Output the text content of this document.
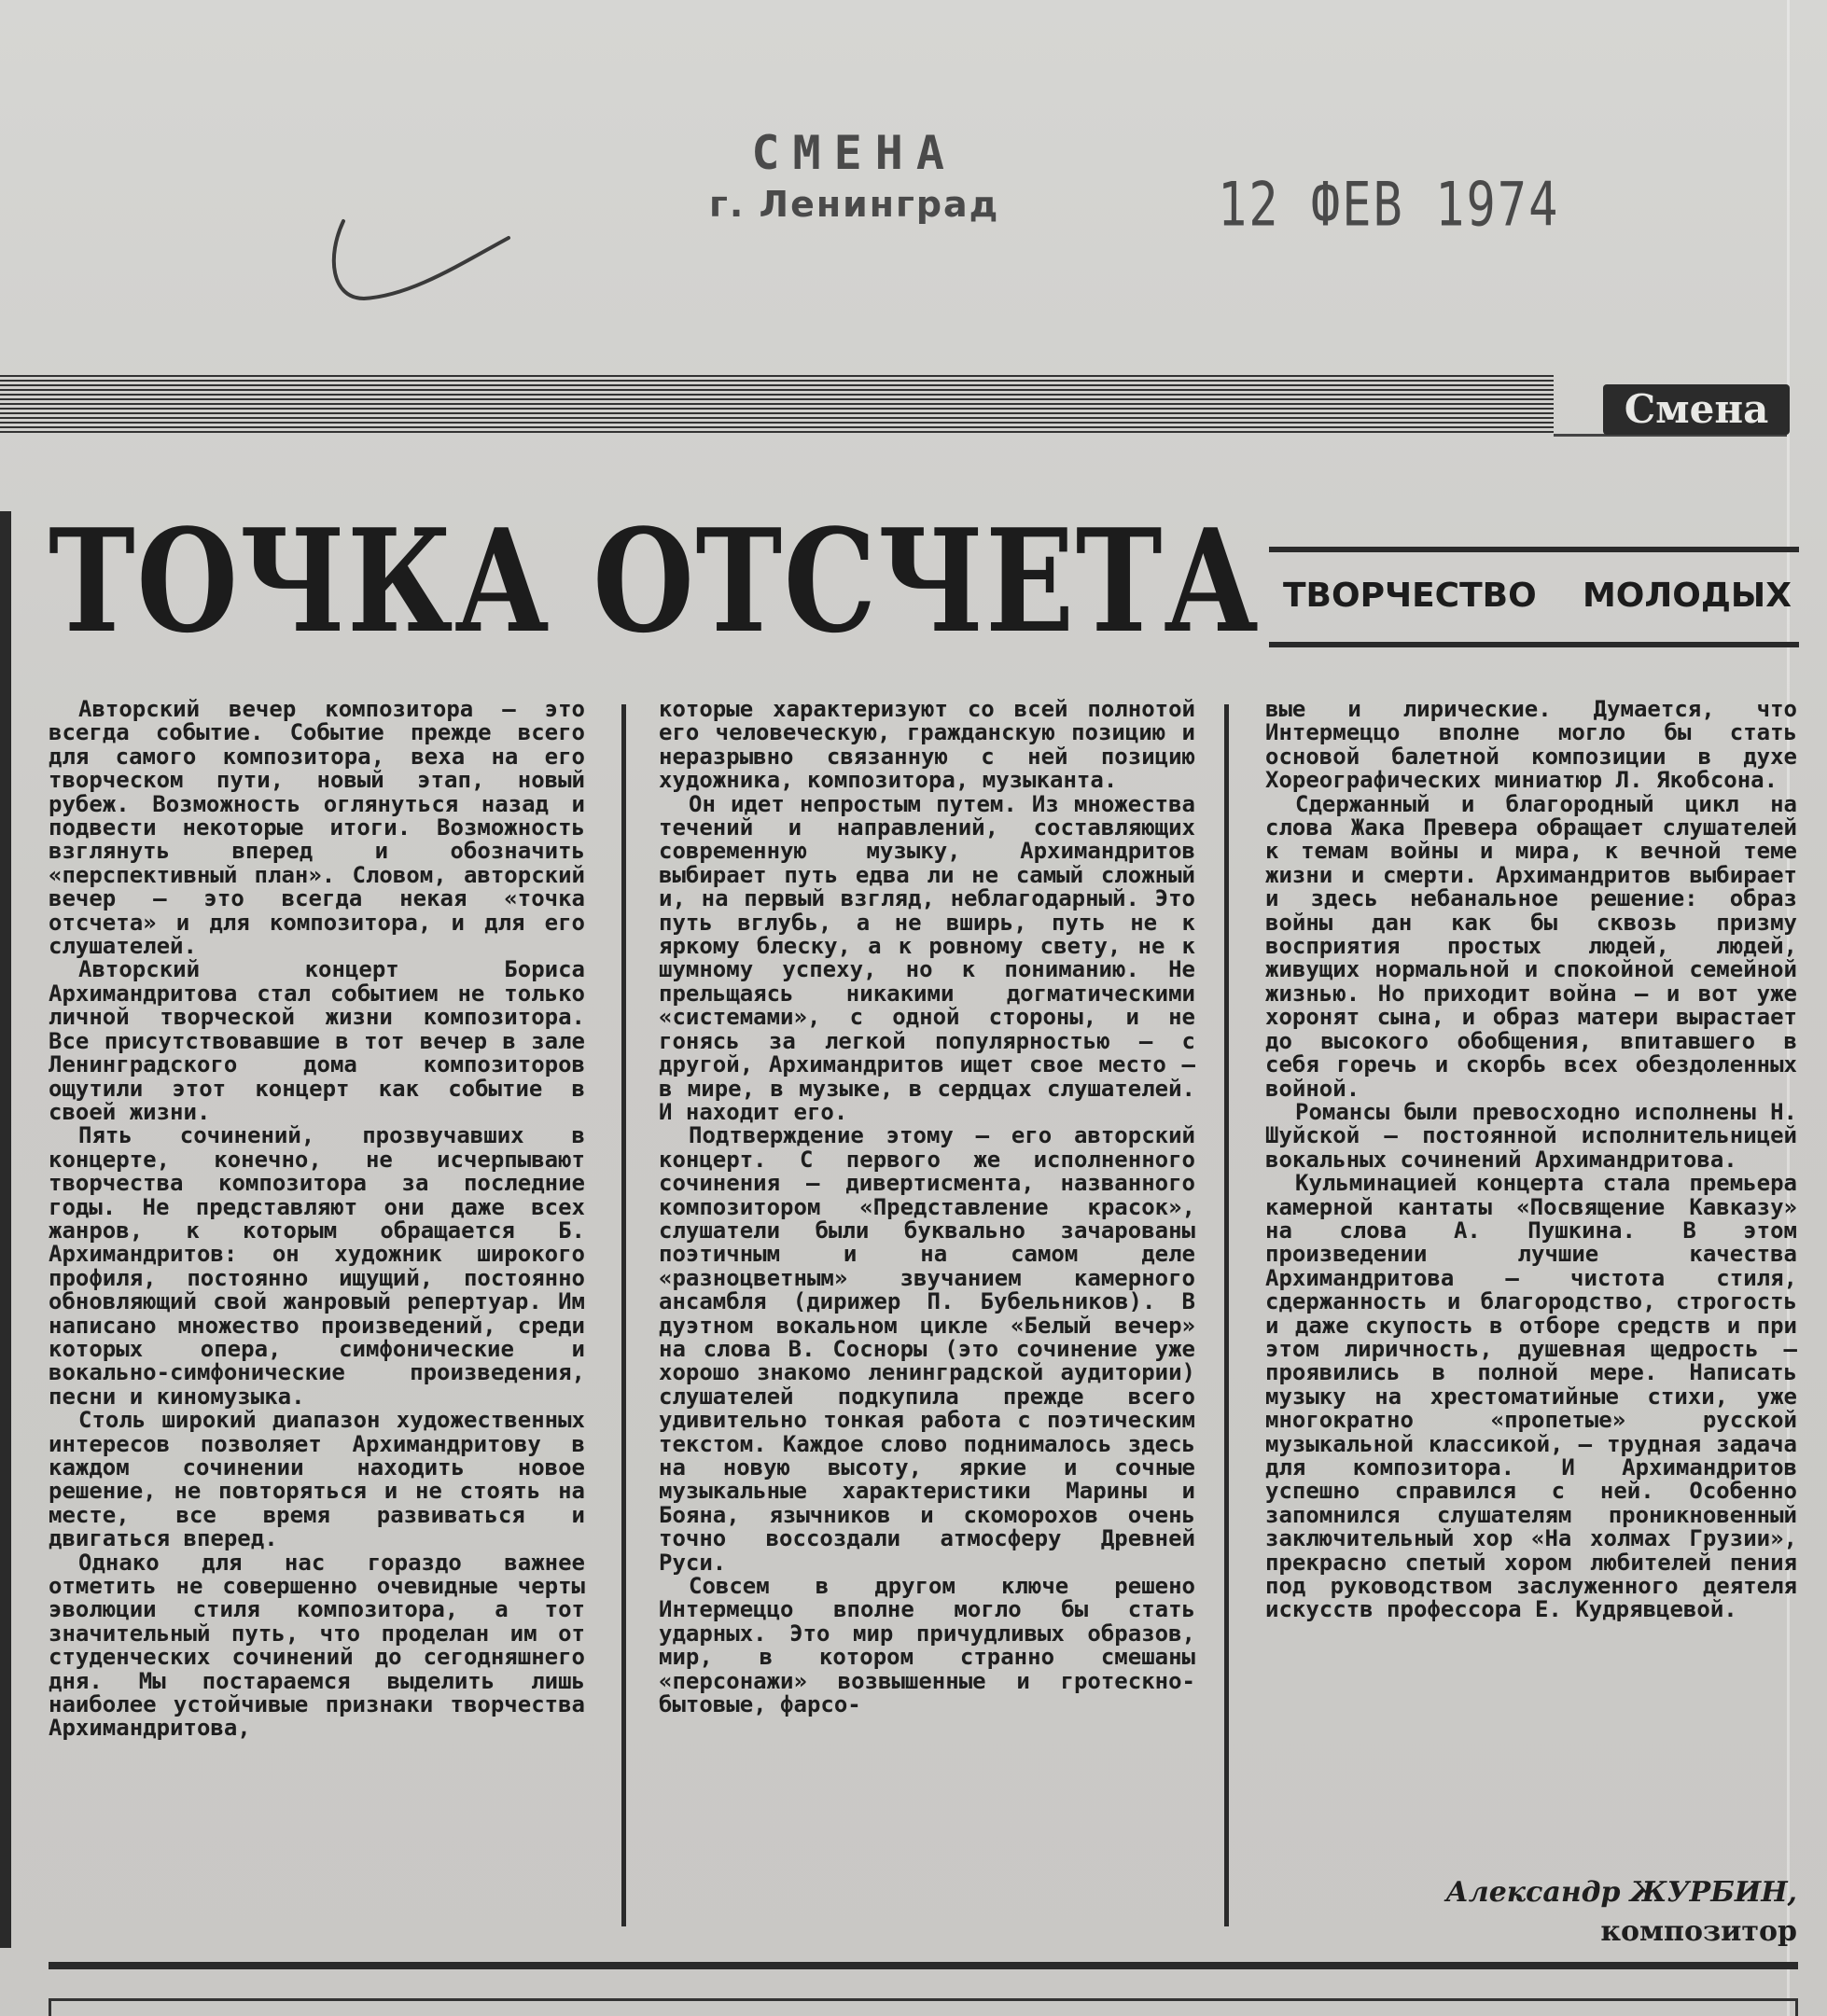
СМЕНА
г. Ленинград	12 ФЕВ 1974
Смена
ТОЧКА ОТСЧЕТА ТВОРЧЕСТВО МОЛОДЫХ

Авторский вечер композитора — это всегда событие. Событие прежде всего для самого композитора, веха на его творческом пути, новый этап, новый рубеж. Возможность оглянуться назад и подвести некоторые итоги. Возможность взглянуть вперед и обозначить «перспективный план». Словом, авторский вечер — это всегда некая «точка отсчета» и для композитора, и для его слушателей.

Авторский концерт Бориса Архимандритова стал событием не только личной творческой жизни композитора. Все присутствовавшие в тот вечер в зале Ленинградского дома композиторов ощутили этот концерт как событие в своей жизни.

Пять сочинений, прозвучавших в концерте, конечно, не исчерпывают творчества композитора за последние годы. Не представляют они даже всех жанров, к которым обращается Б. Архимандритов: он художник широкого профиля, постоянно ищущий, постоянно обновляющий свой жанровый репертуар. Им написано множество произведений, среди которых опера, симфонические и вокально-симфонические произведения, песни и киномузыка.

Столь широкий диапазон художественных интересов позволяет Архимандритову в каждом сочинении находить новое решение, не повторяться и не стоять на месте, все время развиваться и двигаться вперед.

Однако для нас гораздо важнее отметить не совершенно очевидные черты эволюции стиля композитора, а тот значительный путь, что проделан им от студенческих сочинений до сегодняшнего дня. Мы постараемся выделить лишь наиболее устойчивые признаки творчества Архимандритова,

которые характеризуют со всей полнотой его человеческую, гражданскую позицию и неразрывно связанную с ней позицию художника, композитора, музыканта.

Он идет непростым путем. Из множества течений и направлений, составляющих современную музыку, Архимандритов выбирает путь едва ли не самый сложный и, на первый взгляд, неблагодарный. Это путь вглубь, а не вширь, путь не к яркому блеску, а к ровному свету, не к шумному успеху, но к пониманию. Не прельщаясь никакими догматическими «системами», с одной стороны, и не гонясь за легкой популярностью — с другой, Архимандритов ищет свое место — в мире, в музыке, в сердцах слушателей. И находит его.

Подтверждение этому — его авторский концерт. С первого же исполненного сочинения — дивертисмента, названного композитором «Представление красок», слушатели были буквально зачарованы поэтичным и на самом деле «разноцветным» звучанием камерного ансамбля (дирижер П. Бубельников). В дуэтном вокальном цикле «Белый вечер» на слова В. Сосноры (это сочинение уже хорошо знакомо ленинградской аудитории) слушателей подкупила прежде всего удивительно тонкая работа с поэтическим текстом. Каждое слово поднималось здесь на новую высоту, яркие и сочные музыкальные характеристики Марины и Бояна, язычников и скоморохов очень точно воссоздали атмосферу Древней Руси.

Совсем в другом ключе решено Интермеццо вполне могло бы стать ударных. Это мир причудливых образов, мир, в котором странно смешаны «персонажи» возвышенные и гротескно-бытовые, фарсо-

вые и лирические. Думается, что Интермеццо вполне могло бы стать основой балетной композиции в духе Хореографических миниатюр Л. Якобсона.

Сдержанный и благородный цикл на слова Жака Превера обращает слушателей к темам войны и мира, к вечной теме жизни и смерти. Архимандритов выбирает и здесь небанальное решение: образ войны дан как бы сквозь призму восприятия простых людей, людей, живущих нормальной и спокойной семейной жизнью. Но приходит война — и вот уже хоронят сына, и образ матери вырастает до высокого обобщения, впитавшего в себя горечь и скорбь всех обездоленных войной.

Романсы были превосходно исполнены Н. Шуйской — постоянной исполнительницей вокальных сочинений Архимандритова.

Кульминацией концерта стала премьера камерной кантаты «Посвящение Кавказу» на слова А. Пушкина. В этом произведении лучшие качества Архимандритова — чистота стиля, сдержанность и благородство, строгость и даже скупость в отборе средств и при этом лиричность, душевная щедрость — проявились в полной мере. Написать музыку на хрестоматийные стихи, уже многократно «пропетые» русской музыкальной классикой, — трудная задача для композитора. И Архимандритов успешно справился с ней. Особенно запомнился слушателям проникновенный заключительный хор «На холмах Грузии», прекрасно спетый хором любителей пения под руководством заслуженного деятеля искусств профессора Е. Кудрявцевой.

Александр ЖУРБИН,
композитор
